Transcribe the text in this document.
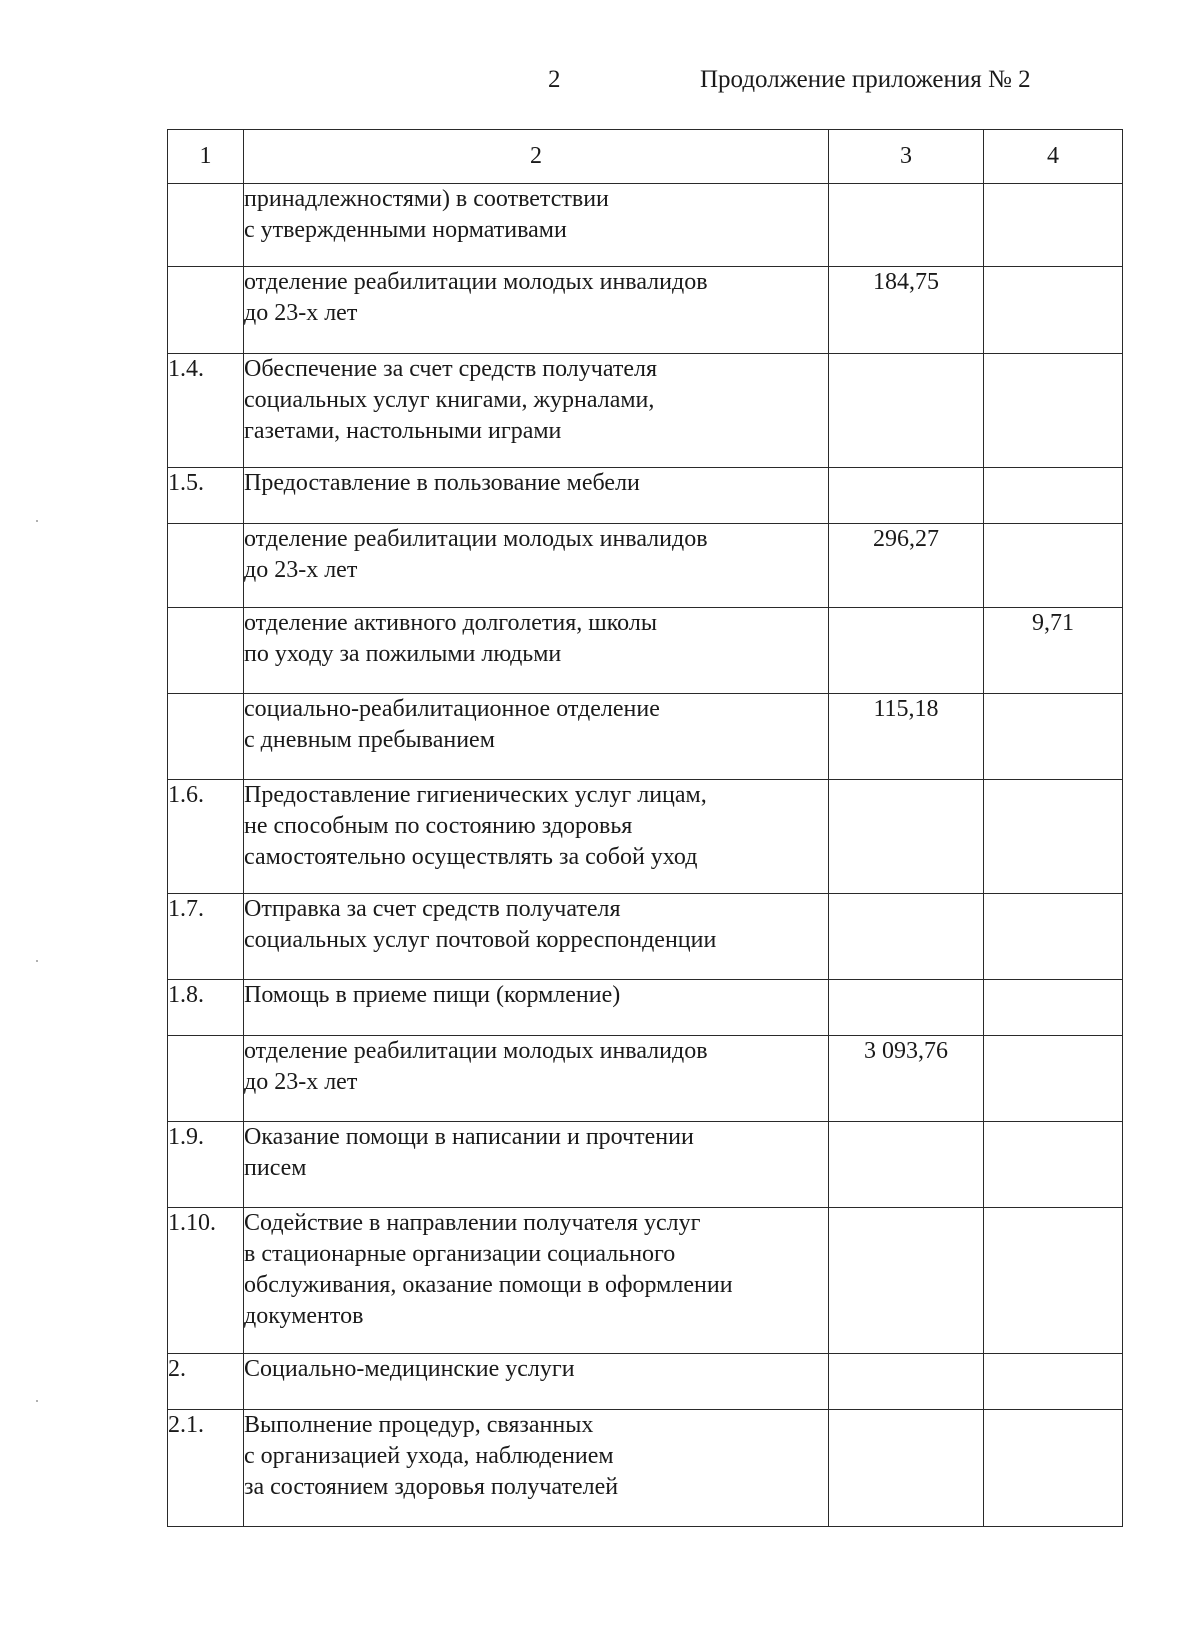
2	Продолжение приложения № 2
1	2	3	4
	принадлежностями) в соответствии
с утвержденными нормативами		
	отделение реабилитации молодых инвалидов
до 23-х лет	184,75	
1.4.	Обеспечение за счет средств получателя
социальных услуг книгами, журналами,
газетами, настольными играми		
1.5.	Предоставление в пользование мебели		
	отделение реабилитации молодых инвалидов
до 23-х лет	296,27	
	отделение активного долголетия, школы
по уходу за пожилыми людьми		9,71
	социально-реабилитационное отделение
с дневным пребыванием	115,18	
1.6.	Предоставление гигиенических услуг лицам,
не способным по состоянию здоровья
самостоятельно осуществлять за собой уход		
1.7.	Отправка за счет средств получателя
социальных услуг почтовой корреспонденции		
1.8.	Помощь в приеме пищи (кормление)		
	отделение реабилитации молодых инвалидов
до 23-х лет	3 093,76	
1.9.	Оказание помощи в написании и прочтении
писем		
1.10.	Содействие в направлении получателя услуг
в стационарные организации социального
обслуживания, оказание помощи в оформлении
документов		
2.	Социально-медицинские услуги		
2.1.	Выполнение процедур, связанных
с организацией ухода, наблюдением
за состоянием здоровья получателей		
